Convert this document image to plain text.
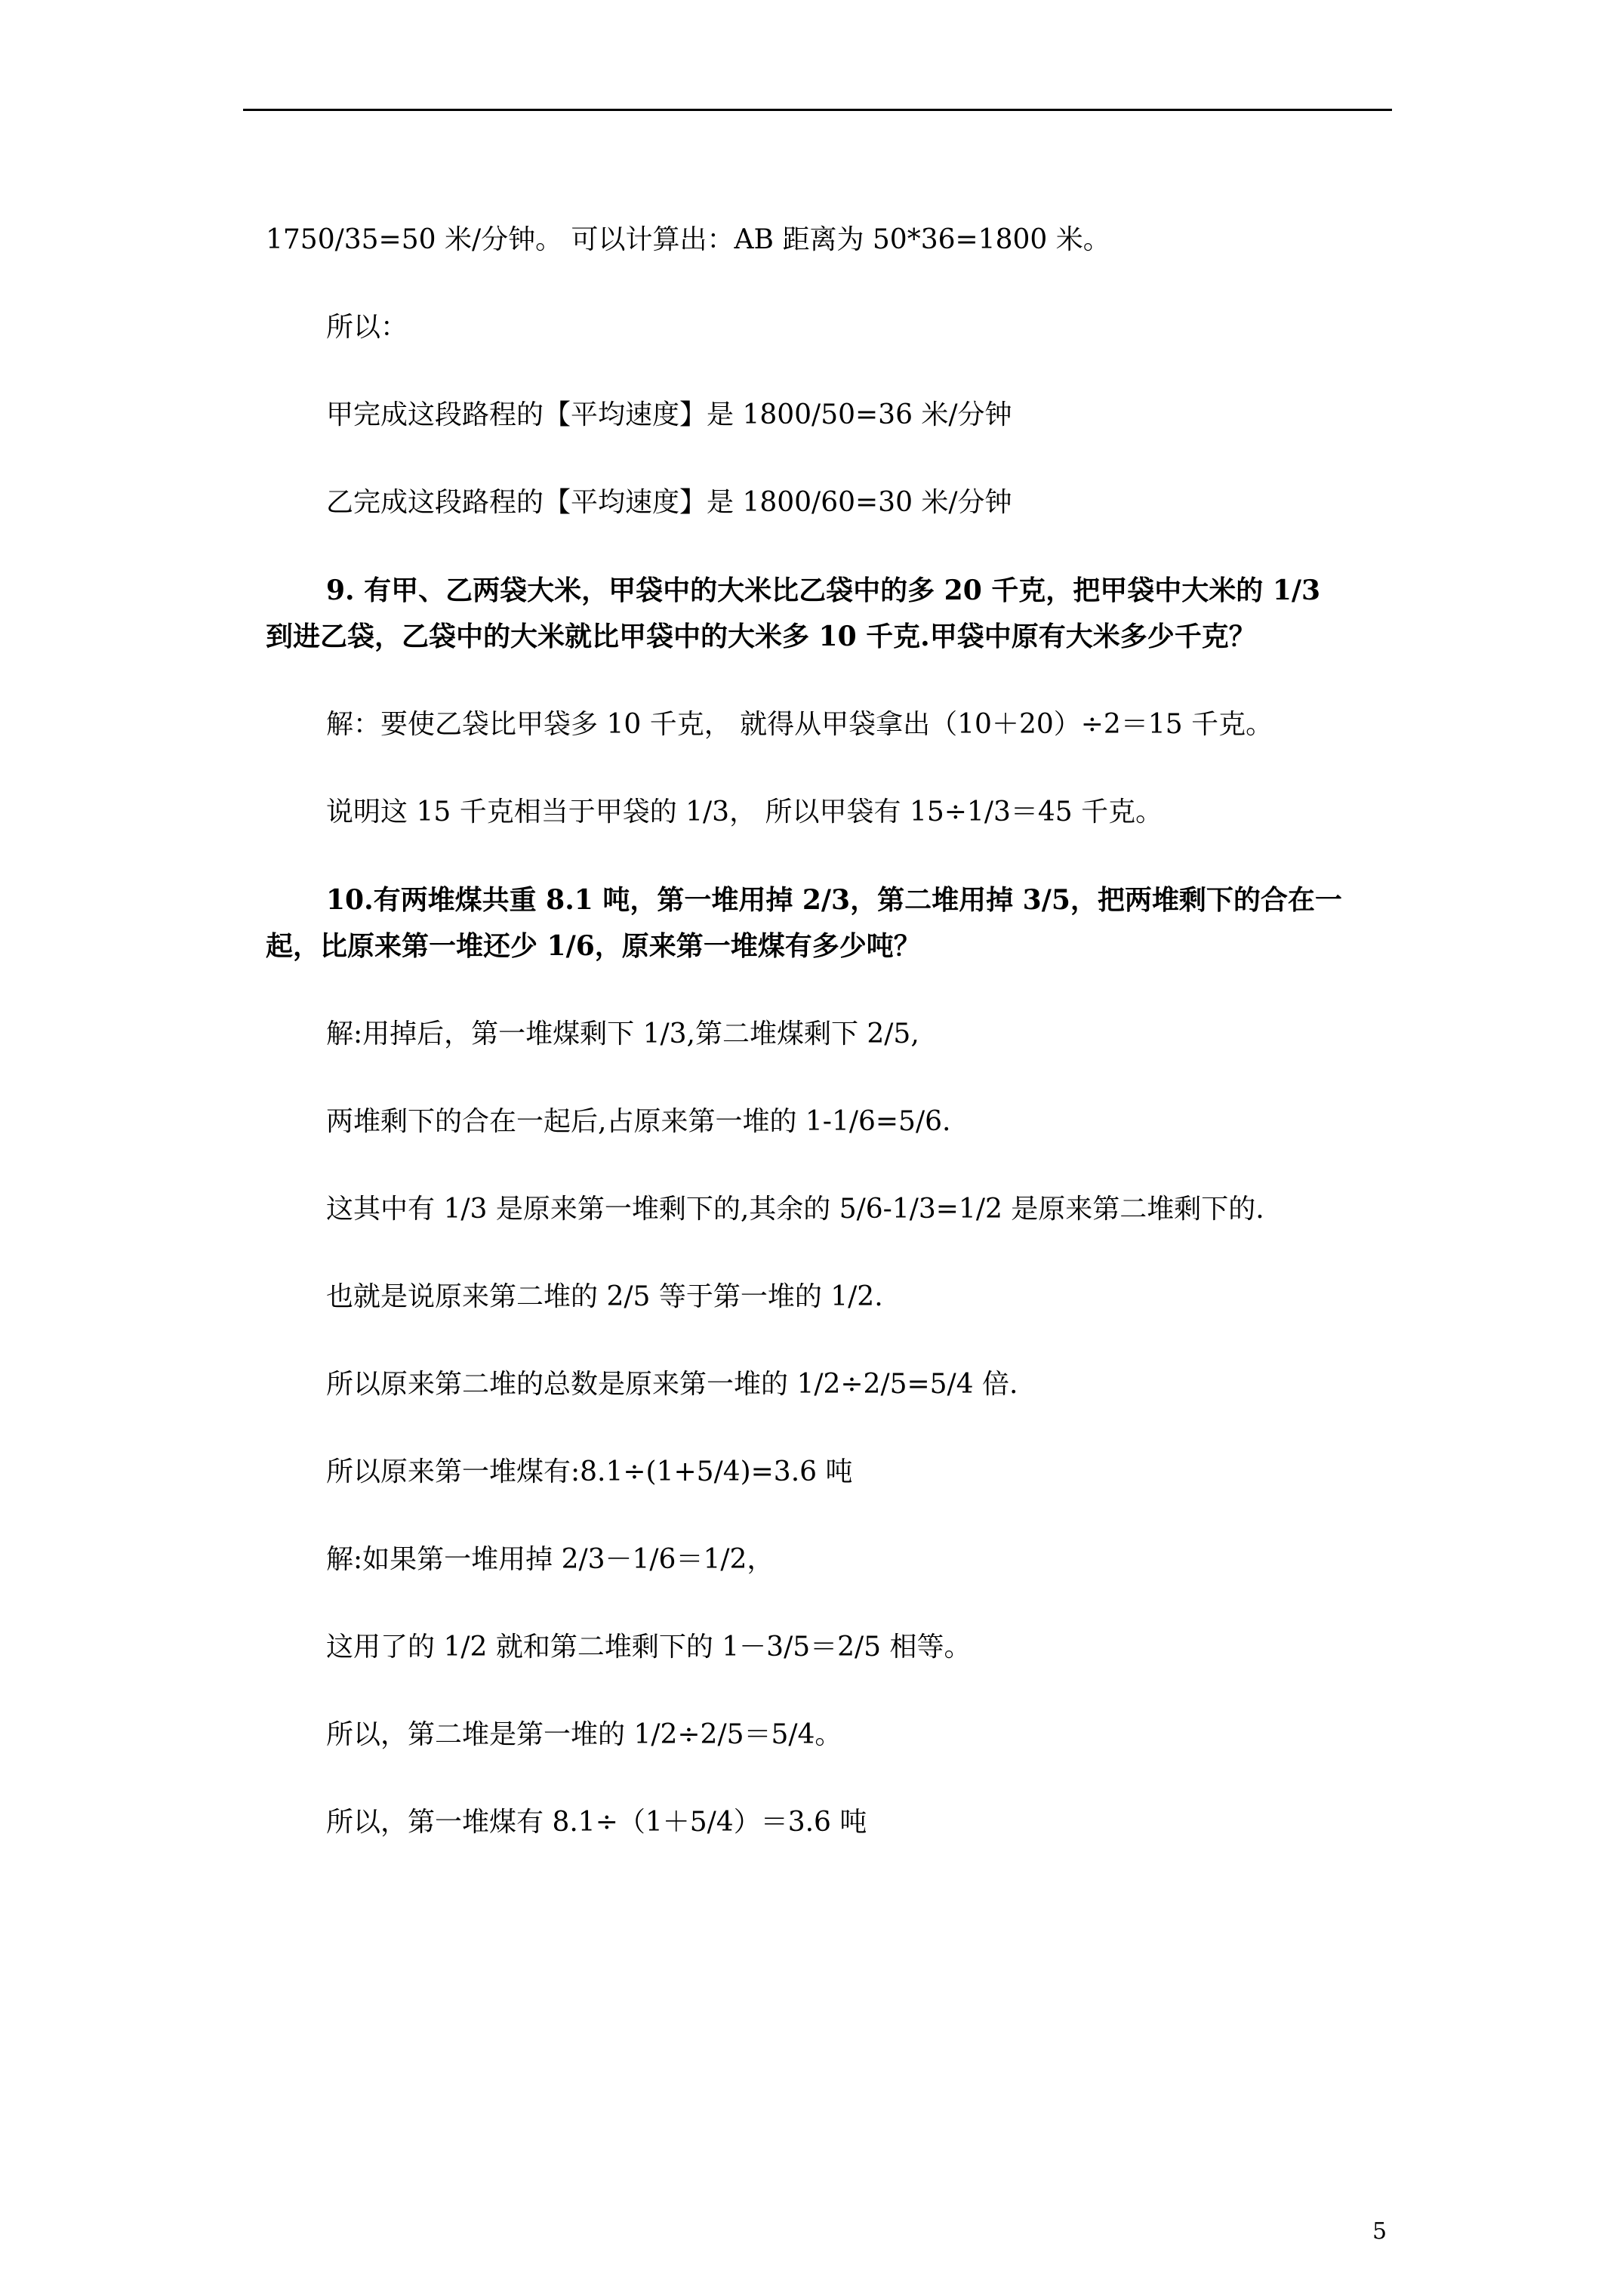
1750/35=50 米/分钟。 可以计算出：AB 距离为 50*36=1800 米。
所以：
甲完成这段路程的【平均速度】是 1800/50=36 米/分钟
乙完成这段路程的【平均速度】是 1800/60=30 米/分钟
9. 有甲、乙两袋大米，甲袋中的大米比乙袋中的多 20 千克，把甲袋中大米的 1/3
到进乙袋，乙袋中的大米就比甲袋中的大米多 10 千克.甲袋中原有大米多少千克？
解：要使乙袋比甲袋多 10 千克， 就得从甲袋拿出（10＋20）÷2＝15 千克。
说明这 15 千克相当于甲袋的 1/3， 所以甲袋有 15÷1/3＝45 千克。
10.有两堆煤共重 8.1 吨，第一堆用掉 2/3，第二堆用掉 3/5，把两堆剩下的合在一
起，比原来第一堆还少 1/6，原来第一堆煤有多少吨？
解:用掉后，第一堆煤剩下 1/3,第二堆煤剩下 2/5,
两堆剩下的合在一起后,占原来第一堆的 1-1/6=5/6.
这其中有 1/3 是原来第一堆剩下的,其余的 5/6-1/3=1/2 是原来第二堆剩下的.
也就是说原来第二堆的 2/5 等于第一堆的 1/2.
所以原来第二堆的总数是原来第一堆的 1/2÷2/5=5/4 倍.
所以原来第一堆煤有:8.1÷(1+5/4)=3.6 吨
解:如果第一堆用掉 2/3－1/6＝1/2，
这用了的 1/2 就和第二堆剩下的 1－3/5＝2/5 相等。
所以，第二堆是第一堆的 1/2÷2/5＝5/4。
所以，第一堆煤有 8.1÷（1＋5/4）＝3.6 吨
5
